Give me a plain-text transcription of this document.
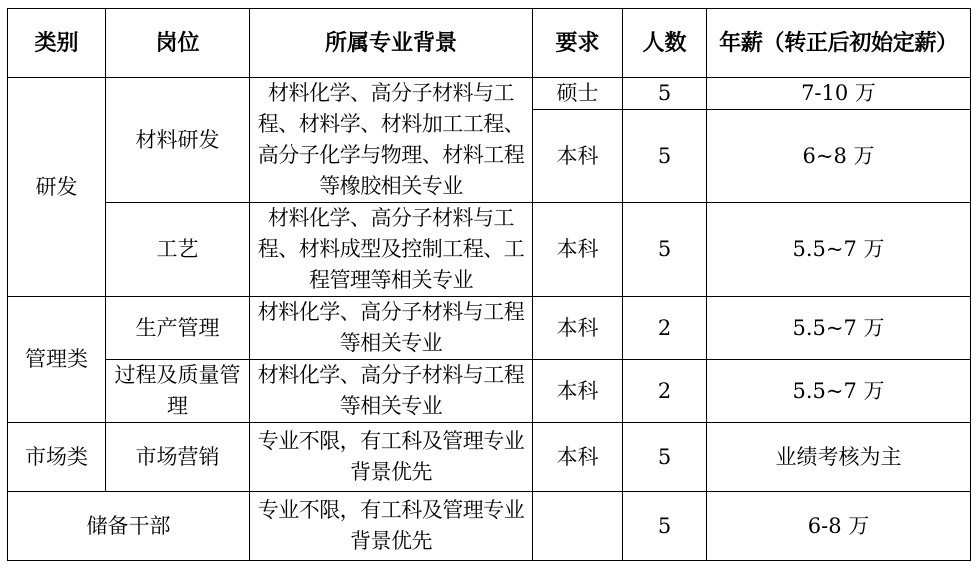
类别	岗位	所属专业背景	要求	人数	年薪（转正后初始定薪）
研发	材料研发	材料化学、高分子材料与工程、材料学、材料加工工程、高分子化学与物理、材料工程等橡胶相关专业	硕士	5	7-10 万
			本科	5	6~8 万
	工艺	材料化学、高分子材料与工程、材料成型及控制工程、工程管理等相关专业	本科	5	5.5~7 万
管理类	生产管理	材料化学、高分子材料与工程等相关专业	本科	2	5.5~7 万
	过程及质量管理	材料化学、高分子材料与工程等相关专业	本科	2	5.5~7 万
市场类	市场营销	专业不限，有工科及管理专业背景优先	本科	5	业绩考核为主
储备干部		专业不限，有工科及管理专业背景优先		5	6-8 万
